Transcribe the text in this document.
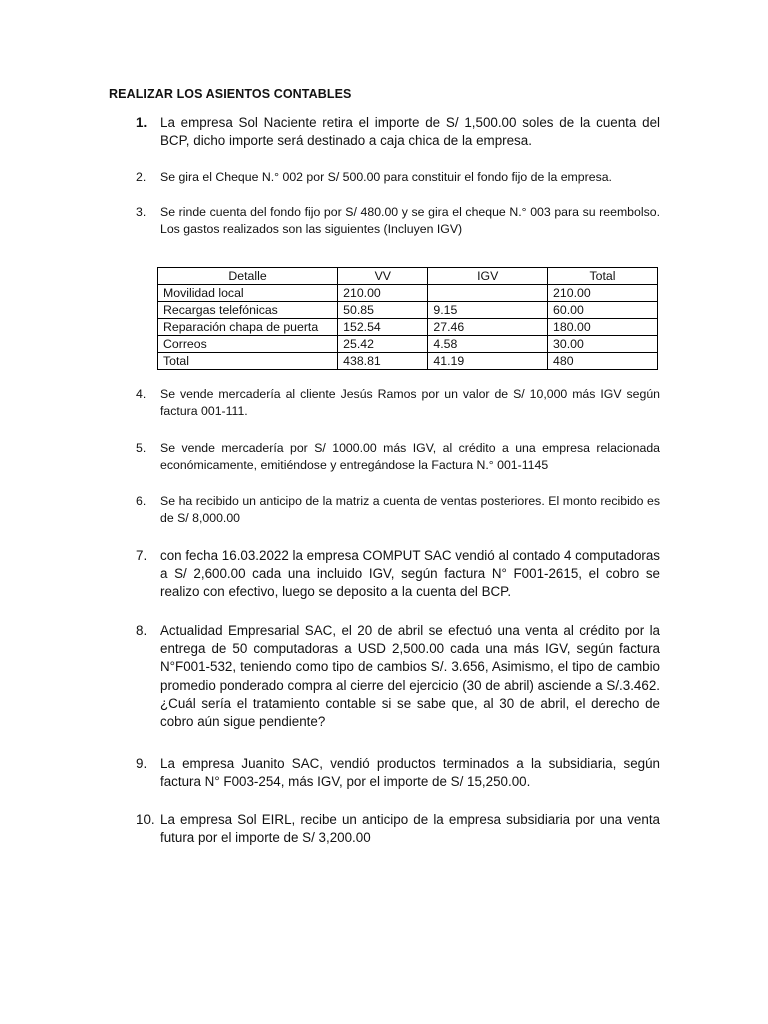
REALIZAR LOS ASIENTOS CONTABLES
1. La empresa Sol Naciente retira el importe de S/ 1,500.00 soles de la cuenta del BCP, dicho importe será destinado a caja chica de la empresa.
2.	Se gira el Cheque N.° 002 por S/ 500.00 para constituir el fondo fijo de la empresa.
3.	Se rinde cuenta del fondo fijo por S/ 480.00 y se gira el cheque N.° 003 para su reembolso. Los gastos realizados son las siguientes (Incluyen IGV)
Detalle	VV	IGV	Total
Movilidad local	210.00		210.00
Recargas telefónicas	50.85	9.15	60.00
Reparación chapa de puerta	152.54	27.46	180.00
Correos	25.42	4.58	30.00
Total	438.81	41.19	480
4.	Se vende mercadería al cliente Jesús Ramos por un valor de S/ 10,000 más IGV según factura 001-111.
5.	Se vende mercadería por S/ 1000.00 más IGV, al crédito a una empresa relacionada económicamente, emitiéndose y entregándose la Factura N.° 001-1145
6.	Se ha recibido un anticipo de la matriz a cuenta de ventas posteriores. El monto recibido es de S/ 8,000.00
7. con fecha 16.03.2022 la empresa COMPUT SAC vendió al contado 4 computadoras a S/ 2,600.00 cada una incluido IGV, según factura N° F001-2615, el cobro se realizo con efectivo, luego se deposito a la cuenta del BCP.
8. Actualidad Empresarial SAC, el 20 de abril se efectuó una venta al crédito por la entrega de 50 computadoras a USD 2,500.00 cada una más IGV, según factura N°F001-532, teniendo como tipo de cambios S/. 3.656, Asimismo, el tipo de cambio promedio ponderado compra al cierre del ejercicio (30 de abril) asciende a S/.3.462. ¿Cuál sería el tratamiento contable si se sabe que, al 30 de abril, el derecho de cobro aún sigue pendiente?
9. La empresa Juanito SAC, vendió productos terminados a la subsidiaria, según factura N° F003-254, más IGV, por el importe de S/ 15,250.00.
10. La empresa Sol EIRL, recibe un anticipo de la empresa subsidiaria por una venta futura por el importe de S/ 3,200.00
